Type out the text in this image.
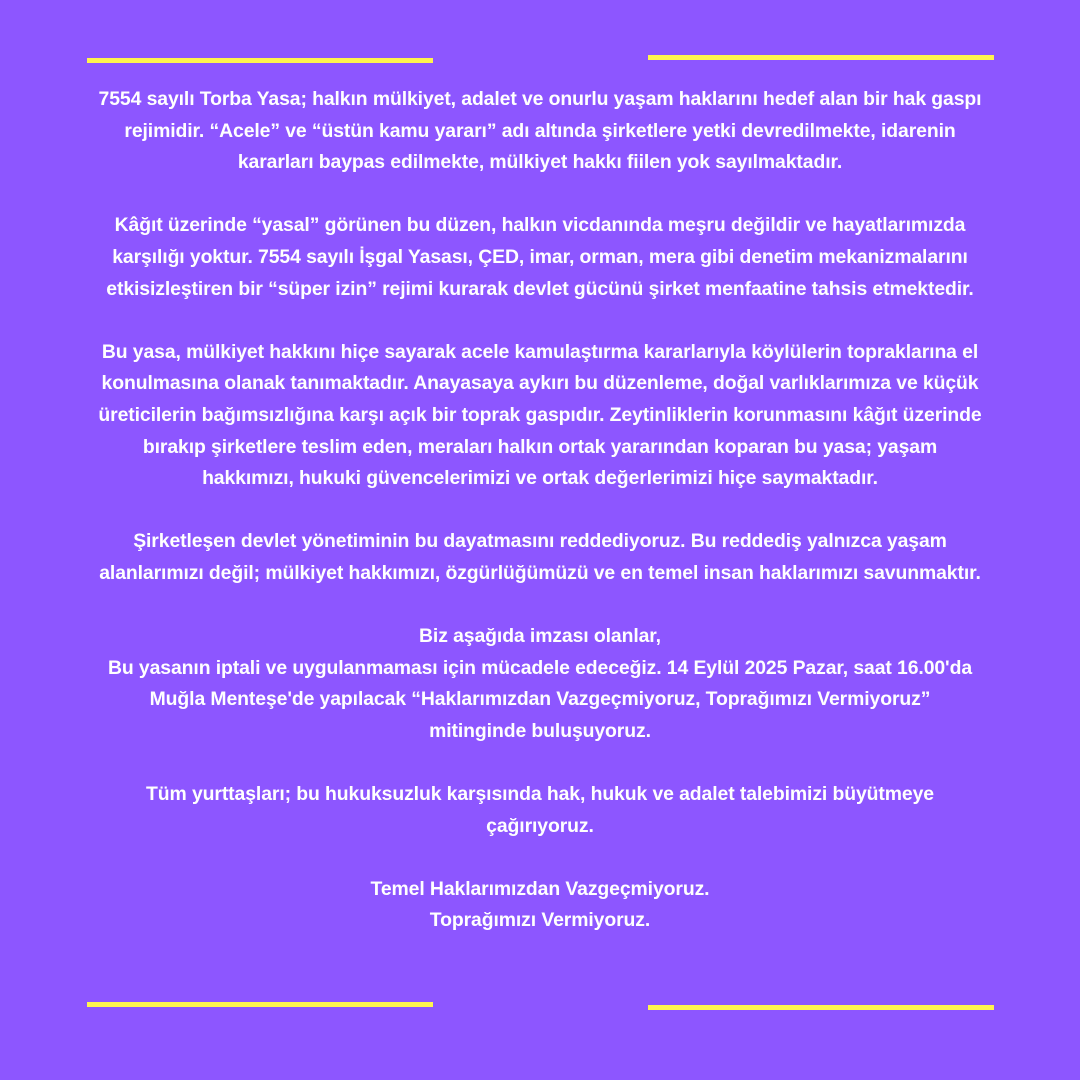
7554 sayılı Torba Yasa; halkın mülkiyet, adalet ve onurlu yaşam haklarını hedef alan bir hak gaspı
rejimidir. “Acele” ve “üstün kamu yararı” adı altında şirketlere yetki devredilmekte, idarenin
kararları baypas edilmekte, mülkiyet hakkı fiilen yok sayılmaktadır.

Kâğıt üzerinde “yasal” görünen bu düzen, halkın vicdanında meşru değildir ve hayatlarımızda
karşılığı yoktur. 7554 sayılı İşgal Yasası, ÇED, imar, orman, mera gibi denetim mekanizmalarını
etkisizleştiren bir “süper izin” rejimi kurarak devlet gücünü şirket menfaatine tahsis etmektedir.

Bu yasa, mülkiyet hakkını hiçe sayarak acele kamulaştırma kararlarıyla köylülerin topraklarına el
konulmasına olanak tanımaktadır. Anayasaya aykırı bu düzenleme, doğal varlıklarımıza ve küçük
üreticilerin bağımsızlığına karşı açık bir toprak gaspıdır. Zeytinliklerin korunmasını kâğıt üzerinde
bırakıp şirketlere teslim eden, meraları halkın ortak yararından koparan bu yasa; yaşam
hakkımızı, hukuki güvencelerimizi ve ortak değerlerimizi hiçe saymaktadır.

Şirketleşen devlet yönetiminin bu dayatmasını reddediyoruz. Bu reddediş yalnızca yaşam
alanlarımızı değil; mülkiyet hakkımızı, özgürlüğümüzü ve en temel insan haklarımızı savunmaktır.

Biz aşağıda imzası olanlar,
Bu yasanın iptali ve uygulanmaması için mücadele edeceğiz. 14 Eylül 2025 Pazar, saat 16.00'da
Muğla Menteşe'de yapılacak “Haklarımızdan Vazgeçmiyoruz, Toprağımızı Vermiyoruz”
mitinginde buluşuyoruz.

Tüm yurttaşları; bu hukuksuzluk karşısında hak, hukuk ve adalet talebimizi büyütmeye
çağırıyoruz.

Temel Haklarımızdan Vazgeçmiyoruz.
Toprağımızı Vermiyoruz.
